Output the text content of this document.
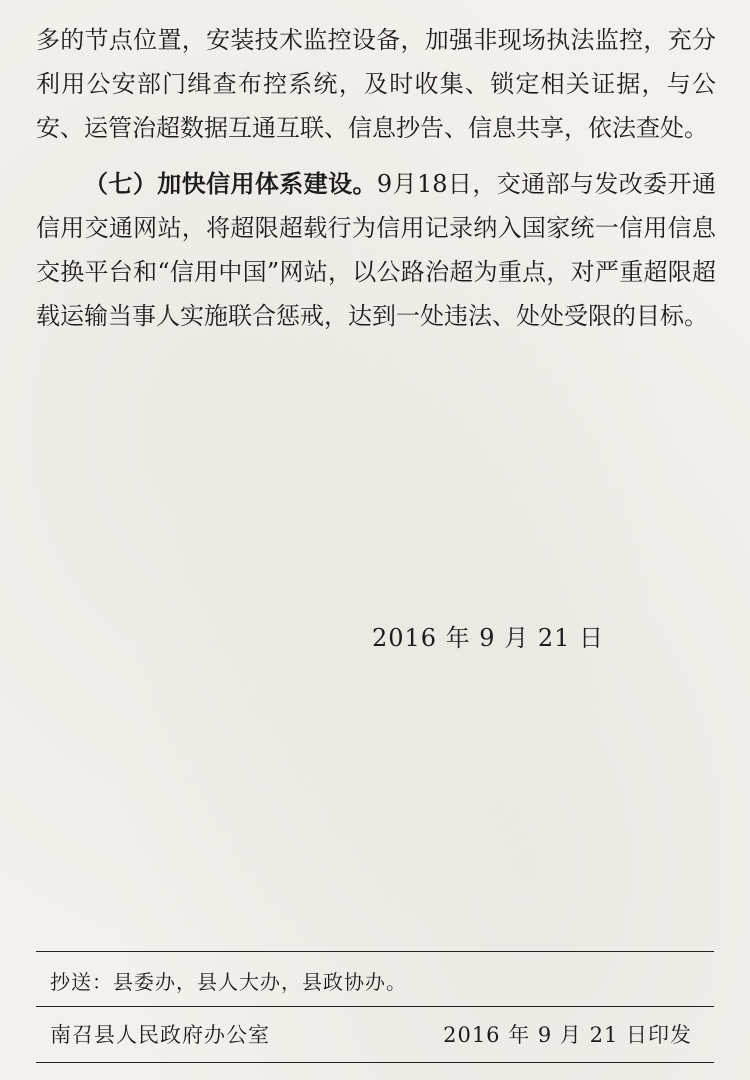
多的节点位置，安装技术监控设备，加强非现场执法监控，充分利用公安部门缉查布控系统，及时收集、锁定相关证据，与公安、运管治超数据互通互联、信息抄告、信息共享，依法查处。

（七）加快信用体系建设。9月18日，交通部与发改委开通信用交通网站，将超限超载行为信用记录纳入国家统一信用信息交换平台和“信用中国”网站，以公路治超为重点，对严重超限超载运输当事人实施联合惩戒，达到一处违法、处处受限的目标。

2016 年 9 月 21 日
抄送：县委办，县人大办，县政协办。
南召县人民政府办公室	2016 年 9 月 21 日印发
